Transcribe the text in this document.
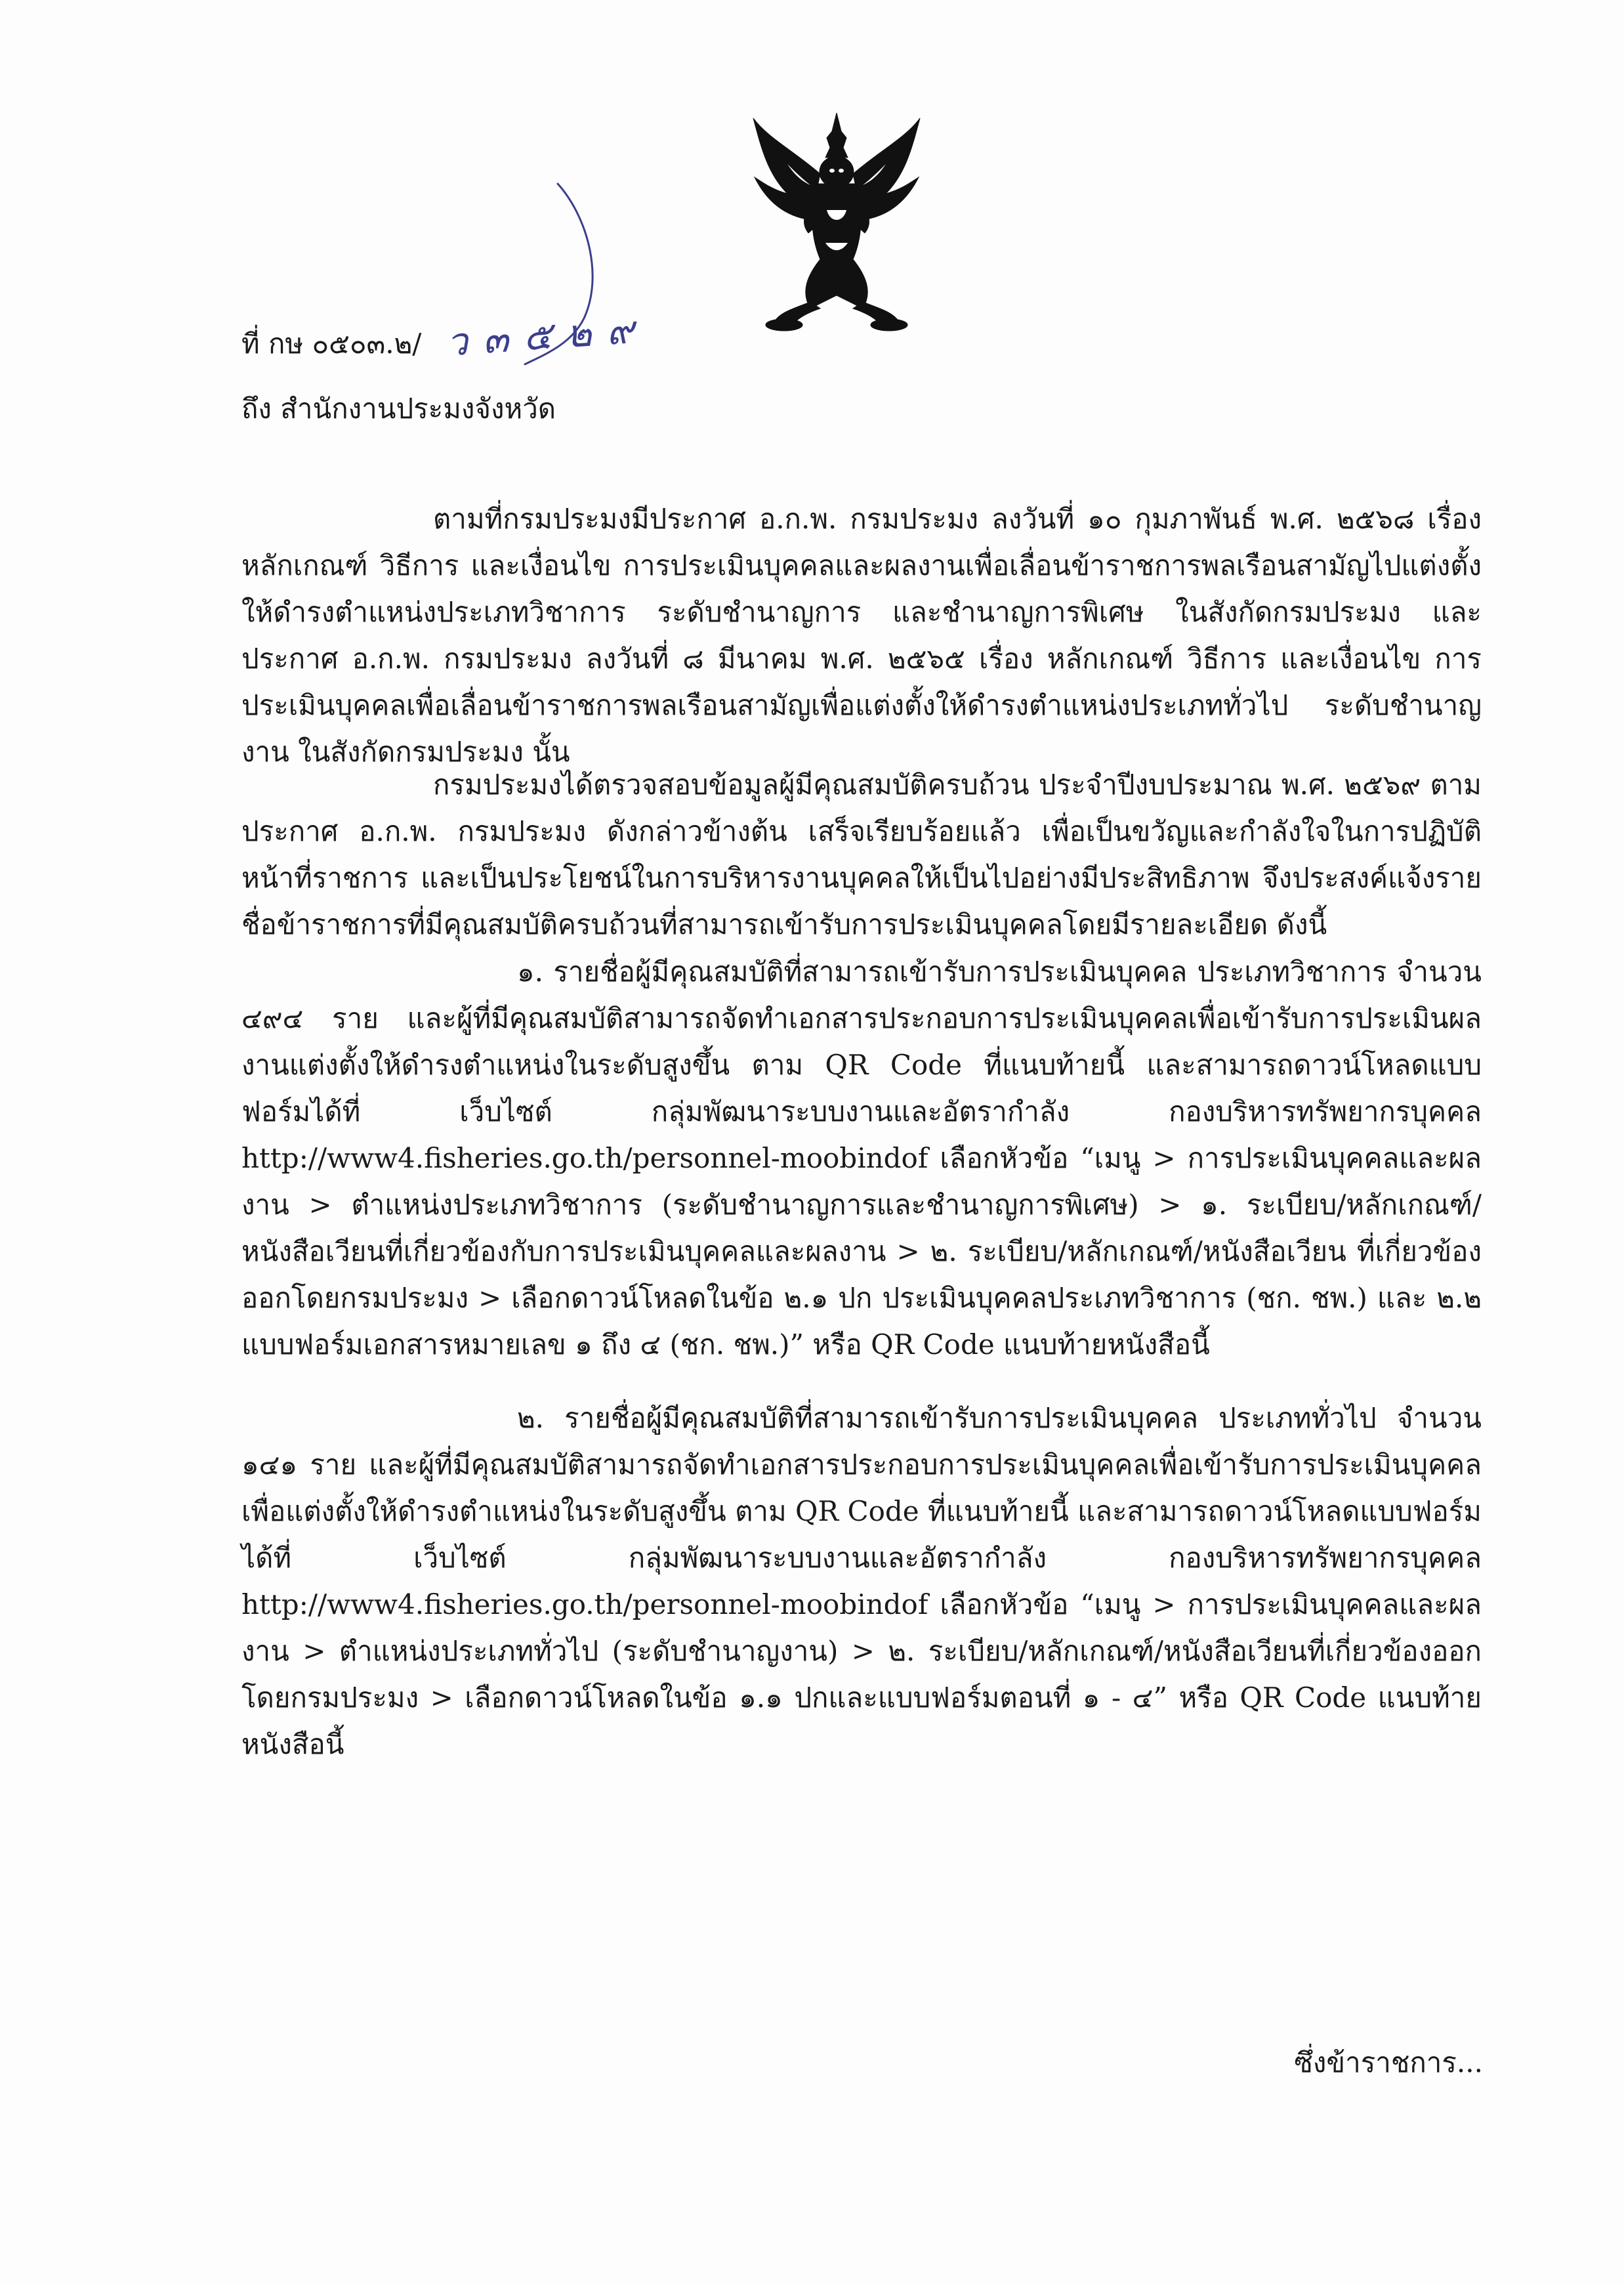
ที่ กษ ๐๕๐๓.๒/ ว ๓ ๕ ๒ ๙
ถึง สำนักงานประมงจังหวัด
ตามที่กรมประมงมีประกาศ อ.ก.พ. กรมประมง ลงวันที่ ๑๐ กุมภาพันธ์ พ.ศ. ๒๕๖๘ เรื่อง หลักเกณฑ์ วิธีการ และเงื่อนไข การประเมินบุคคลและผลงานเพื่อเลื่อนข้าราชการพลเรือนสามัญไปแต่งตั้งให้ดำรงตำแหน่งประเภทวิชาการ ระดับชำนาญการ และชำนาญการพิเศษ ในสังกัดกรมประมง และประกาศ อ.ก.พ. กรมประมง ลงวันที่ ๘ มีนาคม พ.ศ. ๒๕๖๕ เรื่อง หลักเกณฑ์ วิธีการ และเงื่อนไข การประเมินบุคคลเพื่อเลื่อนข้าราชการพลเรือนสามัญเพื่อแต่งตั้งให้ดำรงตำแหน่งประเภททั่วไป ระดับชำนาญงาน ในสังกัดกรมประมง นั้น
กรมประมงได้ตรวจสอบข้อมูลผู้มีคุณสมบัติครบถ้วน ประจำปีงบประมาณ พ.ศ. ๒๕๖๙ ตาม ประกาศ อ.ก.พ. กรมประมง ดังกล่าวข้างต้น เสร็จเรียบร้อยแล้ว เพื่อเป็นขวัญและกำลังใจในการปฏิบัติหน้าที่ราชการ และเป็นประโยชน์ในการบริหารงานบุคคลให้เป็นไปอย่างมีประสิทธิภาพ จึงประสงค์แจ้งรายชื่อข้าราชการที่มีคุณสมบัติครบถ้วนที่สามารถเข้ารับการประเมินบุคคลโดยมีรายละเอียด ดังนี้
๑. รายชื่อผู้มีคุณสมบัติที่สามารถเข้ารับการประเมินบุคคล ประเภทวิชาการ จำนวน ๔๙๔ ราย และผู้ที่มีคุณสมบัติสามารถจัดทำเอกสารประกอบการประเมินบุคคลเพื่อเข้ารับการประเมินผลงานแต่งตั้งให้ดำรงตำแหน่งในระดับสูงขึ้น ตาม QR Code ที่แนบท้ายนี้ และสามารถดาวน์โหลดแบบฟอร์มได้ที่ เว็บไซต์ กลุ่มพัฒนาระบบงานและอัตรากำลัง กองบริหารทรัพยากรบุคคล http://www4.fisheries.go.th/personnel-moobindof เลือกหัวข้อ “เมนู > การประเมินบุคคลและผลงาน > ตำแหน่งประเภทวิชาการ (ระดับชำนาญการและชำนาญการพิเศษ) > ๑. ระเบียบ/หลักเกณฑ์/หนังสือเวียนที่เกี่ยวข้องกับการประเมินบุคคลและผลงาน > ๒. ระเบียบ/หลักเกณฑ์/หนังสือเวียน ที่เกี่ยวข้องออกโดยกรมประมง > เลือกดาวน์โหลดในข้อ ๒.๑ ปก ประเมินบุคคลประเภทวิชาการ (ชก. ชพ.) และ ๒.๒ แบบฟอร์มเอกสารหมายเลข ๑ ถึง ๔ (ชก. ชพ.)” หรือ QR Code แนบท้ายหนังสือนี้
๒. รายชื่อผู้มีคุณสมบัติที่สามารถเข้ารับการประเมินบุคคล ประเภททั่วไป จำนวน ๑๔๑ ราย และผู้ที่มีคุณสมบัติสามารถจัดทำเอกสารประกอบการประเมินบุคคลเพื่อเข้ารับการประเมินบุคคลเพื่อแต่งตั้งให้ดำรงตำแหน่งในระดับสูงขึ้น ตาม QR Code ที่แนบท้ายนี้ และสามารถดาวน์โหลดแบบฟอร์มได้ที่ เว็บไซต์ กลุ่มพัฒนาระบบงานและอัตรากำลัง กองบริหารทรัพยากรบุคคล http://www4.fisheries.go.th/personnel-moobindof เลือกหัวข้อ “เมนู > การประเมินบุคคลและผลงาน > ตำแหน่งประเภททั่วไป (ระดับชำนาญงาน) > ๒. ระเบียบ/หลักเกณฑ์/หนังสือเวียนที่เกี่ยวข้องออกโดยกรมประมง > เลือกดาวน์โหลดในข้อ ๑.๑ ปกและแบบฟอร์มตอนที่ ๑ - ๔” หรือ QR Code แนบท้ายหนังสือนี้
ซึ่งข้าราชการ...
